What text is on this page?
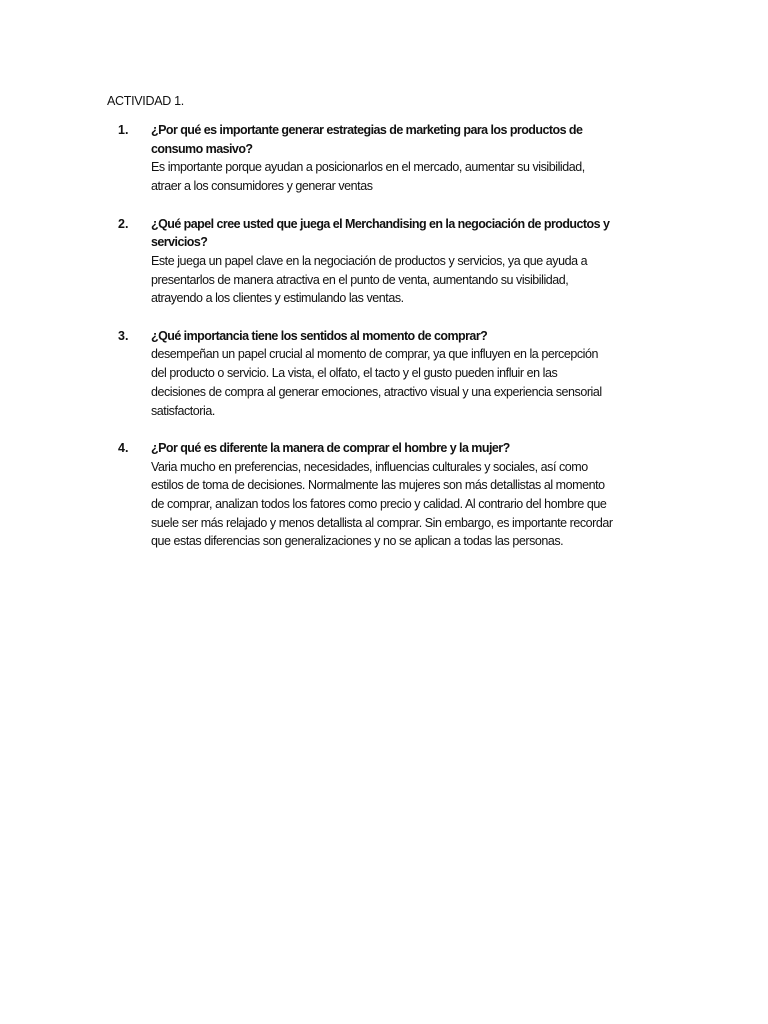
ACTIVIDAD 1.
1. ¿Por qué es importante generar estrategias de marketing para los productos de
consumo masivo?
Es importante porque ayudan a posicionarlos en el mercado, aumentar su visibilidad,
atraer a los consumidores y generar ventas
2. ¿Qué papel cree usted que juega el Merchandising en la negociación de productos y
servicios?
Este juega un papel clave en la negociación de productos y servicios, ya que ayuda a
presentarlos de manera atractiva en el punto de venta, aumentando su visibilidad,
atrayendo a los clientes y estimulando las ventas.
3. ¿Qué importancia tiene los sentidos al momento de comprar?
desempeñan un papel crucial al momento de comprar, ya que influyen en la percepción
del producto o servicio. La vista, el olfato, el tacto y el gusto pueden influir en las
decisiones de compra al generar emociones, atractivo visual y una experiencia sensorial
satisfactoria.
4. ¿Por qué es diferente la manera de comprar el hombre y la mujer?
Varia mucho en preferencias, necesidades, influencias culturales y sociales, así como
estilos de toma de decisiones. Normalmente las mujeres son más detallistas al momento
de comprar, analizan todos los fatores como precio y calidad. Al contrario del hombre que
suele ser más relajado y menos detallista al comprar. Sin embargo, es importante recordar
que estas diferencias son generalizaciones y no se aplican a todas las personas.
